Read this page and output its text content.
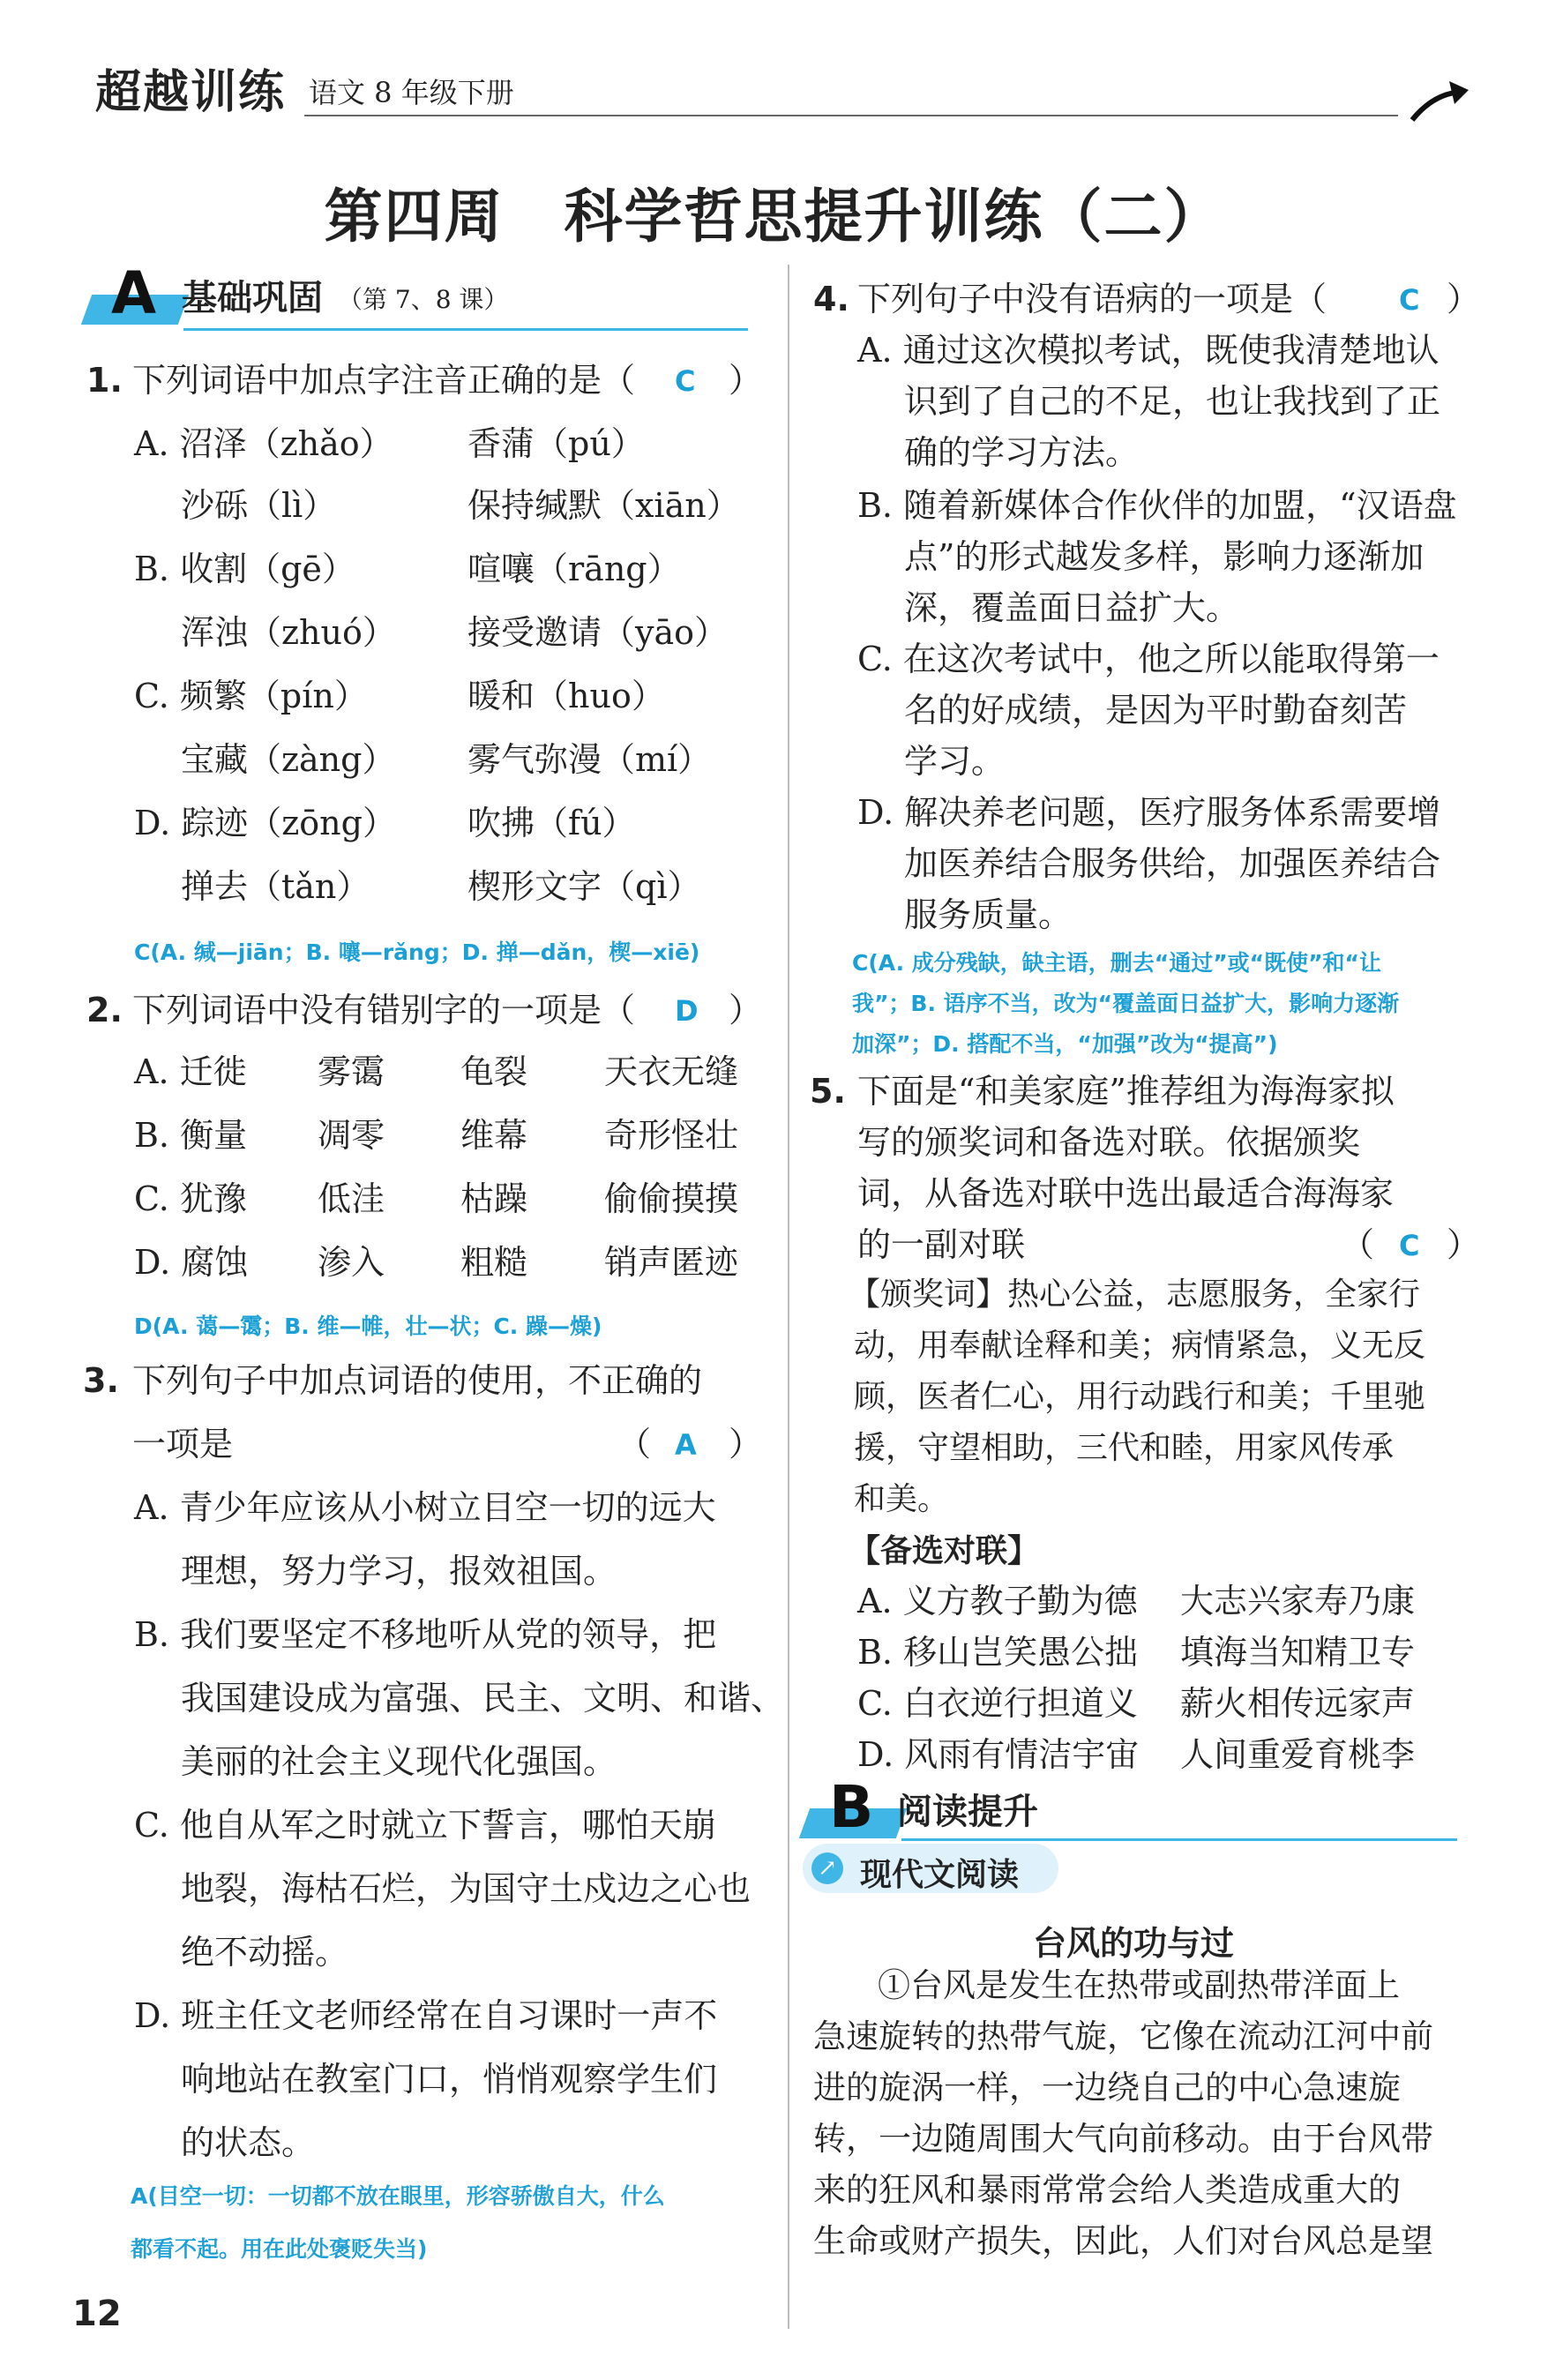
超越训练 语文 8 年级下册
第四周　科学哲思提升训练（二）
A 基础巩固 （第 7、8 课）
1. 下列词语中加点字注音正确的是（ C ）
A. 沼泽（zhǎo） 香蒲（pú）
沙砾（lì）	保持缄默（xiān）
B. 收割（gē）	喧嚷（rāng）
浑浊（zhuó） 接受邀请（yāo）
C. 频繁（pín）	暖和（huo）
宝藏（zàng） 雾气弥漫（mí）
D. 踪迹（zōng） 吹拂（fú）
掸去（tǎn）	楔形文字（qì）
C(A. 缄—jiān；B. 嚷—rǎng；D. 掸—dǎn，楔—xiē)
2. 下列词语中没有错别字的一项是（ D ）
A. 迁徙 雾霭 龟裂 天衣无缝
B. 衡量 凋零 维幕 奇形怪壮
C. 犹豫 低洼 枯躁 偷偷摸摸
D. 腐蚀 渗入 粗糙 销声匿迹
D(A. 蔼—霭；B. 维—帷，壮—状；C. 躁—燥)
3. 下列句子中加点词语的使用，不正确的
一项是	（ A ）
A. 青少年应该从小树立目空一切的远大
理想，努力学习，报效祖国。
B. 我们要坚定不移地听从党的领导，把
我国建设成为富强、民主、文明、和谐、
美丽的社会主义现代化强国。
C. 他自从军之时就立下誓言，哪怕天崩
地裂，海枯石烂，为国守土戍边之心也
绝不动摇。
D. 班主任文老师经常在自习课时一声不
响地站在教室门口，悄悄观察学生们
的状态。
A(目空一切：一切都不放在眼里，形容骄傲自大，什么
都看不起。用在此处褒贬失当)
4. 下列句子中没有语病的一项是（	C ）
A. 通过这次模拟考试，既使我清楚地认
识到了自己的不足，也让我找到了正
确的学习方法。
B. 随着新媒体合作伙伴的加盟，“汉语盘
点”的形式越发多样，影响力逐渐加
深，覆盖面日益扩大。
C. 在这次考试中，他之所以能取得第一
名的好成绩，是因为平时勤奋刻苦
学习。
D. 解决养老问题，医疗服务体系需要增
加医养结合服务供给，加强医养结合
服务质量。
C(A. 成分残缺，缺主语，删去“通过”或“既使”和“让
我”；B. 语序不当，改为“覆盖面日益扩大，影响力逐渐
加深”；D. 搭配不当，“加强”改为“提高”)
5. 下面是“和美家庭”推荐组为海海家拟
写的颁奖词和备选对联。依据颁奖
词，从备选对联中选出最适合海海家
的一副对联	（ C ）
【颁奖词】热心公益，志愿服务，全家行
动，用奉献诠释和美；病情紧急，义无反
顾，医者仁心，用行动践行和美；千里驰
援，守望相助，三代和睦，用家风传承
和美。
【备选对联】
A. 义方教子勤为德 大志兴家寿乃康
B. 移山岂笑愚公拙 填海当知精卫专
C. 白衣逆行担道义 薪火相传远家声
D. 风雨有情洁宇宙 人间重爱育桃李
B 阅读提升
↗ 现代文阅读
台风的功与过
①台风是发生在热带或副热带洋面上
急速旋转的热带气旋，它像在流动江河中前
进的旋涡一样，一边绕自己的中心急速旋
转，一边随周围大气向前移动。由于台风带
来的狂风和暴雨常常会给人类造成重大的
生命或财产损失，因此，人们对台风总是望
12
